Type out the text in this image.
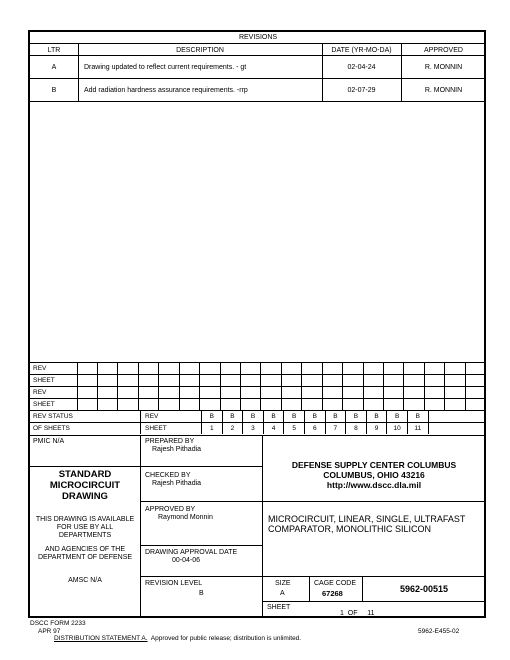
REVISIONS
LTR	DESCRIPTION	DATE (YR-MO-DA)	APPROVED
A	Drawing updated to reflect current requirements. - gt	02-04-24	R. MONNIN
B	Add radiation hardness assurance requirements. -rrp	02-07-29	R. MONNIN
REV
SHEET
REV
SHEET
REV STATUS	REV	B	B	B	B	B	B	B	B	B	B	B
OF SHEETS	SHEET	1	2	3	4	5	6	7	8	9	10	11
PMIC N/A	PREPARED BY
Rajesh Pithadia
CHECKED BY
Rajesh Pithadia
APPROVED BY
Raymond Monnin
DRAWING APPROVAL DATE
00-04-06
REVISION LEVEL
B
STANDARD
MICROCIRCUIT
DRAWING
THIS DRAWING IS AVAILABLE
FOR USE BY ALL
DEPARTMENTS
AND AGENCIES OF THE
DEPARTMENT OF DEFENSE
AMSC N/A
DEFENSE SUPPLY CENTER COLUMBUS
COLUMBUS, OHIO 43216
http://www.dscc.dla.mil
MICROCIRCUIT, LINEAR, SINGLE, ULTRAFAST
COMPARATOR, MONOLITHIC SILICON
SIZE
A
CAGE CODE
67268	5962-00515
SHEET
1  OF     11
DSCC FORM 2233
APR 97
DISTRIBUTION STATEMENT A.  Approved for public release; distribution is unlimited.
5962-E455-02
